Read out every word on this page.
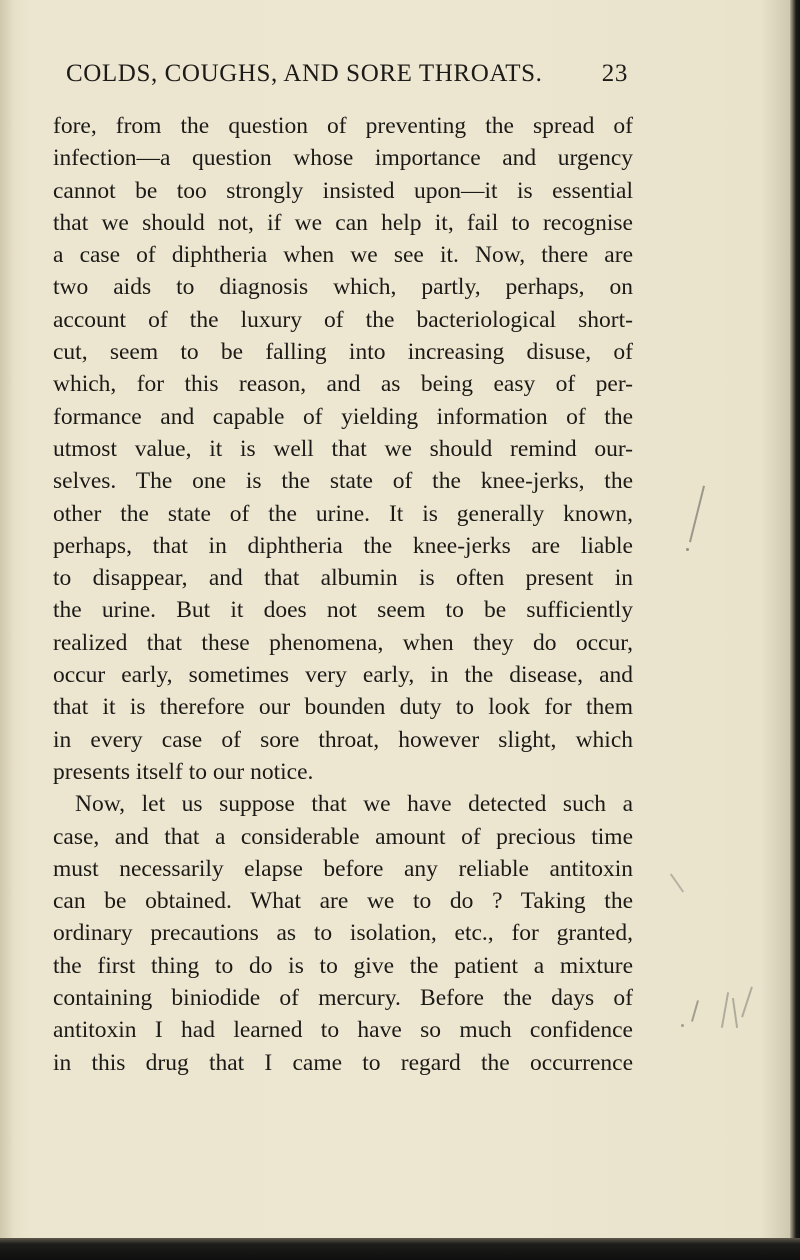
COLDS, COUGHS, AND SORE THROATS. 23
fore, from the question of preventing the spread of
infection—a question whose importance and urgency
cannot be too strongly insisted upon—it is essential
that we should not, if we can help it, fail to recognise
a case of diphtheria when we see it. Now, there are
two aids to diagnosis which, partly, perhaps, on
account of the luxury of the bacteriological short-
cut, seem to be falling into increasing disuse, of
which, for this reason, and as being easy of per-
formance and capable of yielding information of the
utmost value, it is well that we should remind our-
selves. The one is the state of the knee-jerks, the
other the state of the urine. It is generally known,
perhaps, that in diphtheria the knee-jerks are liable
to disappear, and that albumin is often present in
the urine. But it does not seem to be sufficiently
realized that these phenomena, when they do occur,
occur early, sometimes very early, in the disease, and
that it is therefore our bounden duty to look for them
in every case of sore throat, however slight, which
presents itself to our notice.
Now, let us suppose that we have detected such a
case, and that a considerable amount of precious time
must necessarily elapse before any reliable antitoxin
can be obtained. What are we to do ? Taking the
ordinary precautions as to isolation, etc., for granted,
the first thing to do is to give the patient a mixture
containing biniodide of mercury. Before the days of
antitoxin I had learned to have so much confidence
in this drug that I came to regard the occurrence
